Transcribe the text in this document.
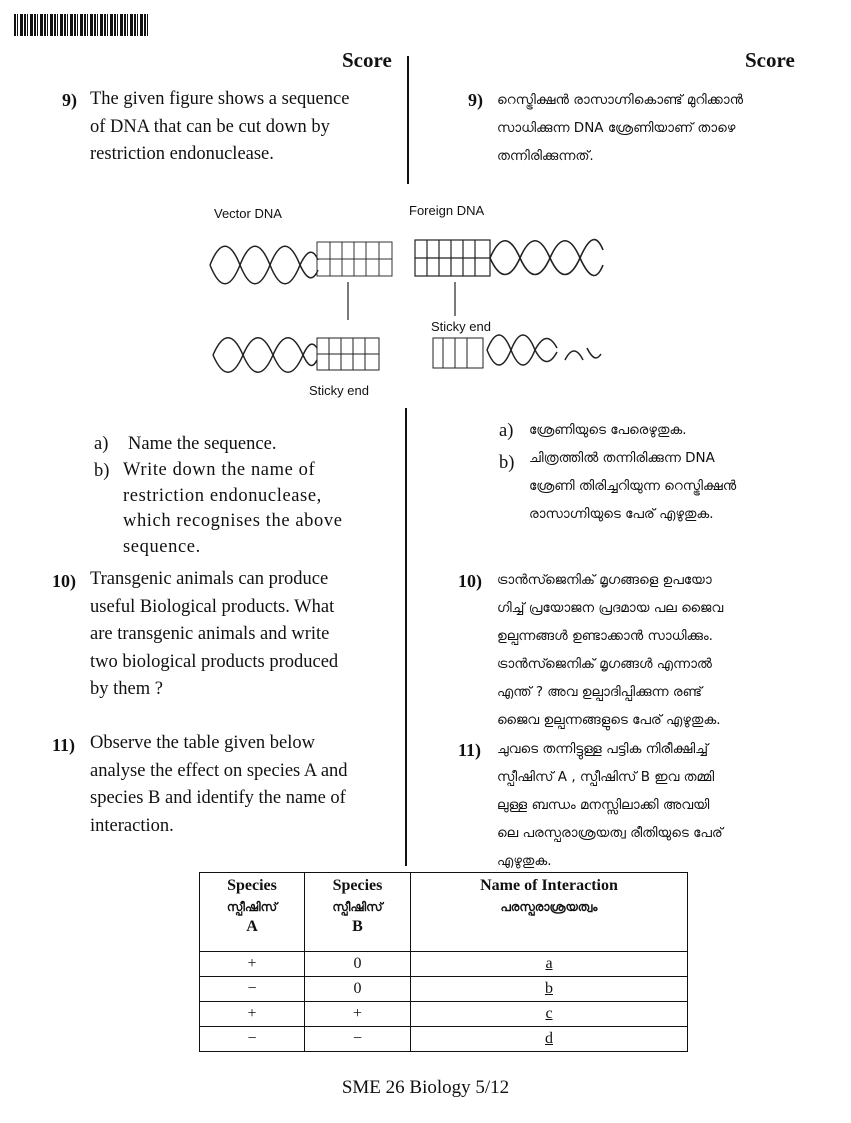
Score	Score
9) The given figure shows a sequence
of DNA that can be cut down by
restriction endonuclease.
9) റെസ്ട്രിക്ഷൻ രാസാഗ്നികൊണ്ട് മുറിക്കാൻ
സാധിക്കുന്ന DNA ശ്രേണിയാണ് താഴെ
തന്നിരിക്കുന്നത്.
Vector DNA	Foreign DNA
Sticky end
Sticky end
a) Name the sequence.
b) Write down the name of
restriction endonuclease,
which recognises the above
sequence.
a) ശ്രേണിയുടെ പേരെഴുതുക.
b) ചിത്രത്തിൽ തന്നിരിക്കുന്ന DNA
ശ്രേണി തിരിച്ചറിയുന്ന റെസ്ട്രിക്ഷൻ
രാസാഗ്നിയുടെ പേര് എഴുതുക.
10) Transgenic animals can produce
useful Biological products. What
are transgenic animals and write
two biological products produced
by them ?
10) ട്രാൻസ്ജെനിക് മൃഗങ്ങളെ ഉപയോ
ഗിച്ച് പ്രയോജന പ്രദമായ പല ജൈവ
ഉല്പന്നങ്ങൾ ഉണ്ടാക്കാൻ സാധിക്കും.
ട്രാൻസ്ജെനിക് മൃഗങ്ങൾ എന്നാൽ
എന്ത് ? അവ ഉല്പാദിപ്പിക്കുന്ന രണ്ട്
ജൈവ ഉല്പന്നങ്ങളുടെ പേര് എഴുതുക.
11) Observe the table given below
analyse the effect on species A and
species B and identify the name of
interaction.
11) ചുവടെ തന്നിട്ടുള്ള പട്ടിക നിരീക്ഷിച്ച്
സ്പീഷിസ് A , സ്പീഷിസ് B ഇവ തമ്മി
ലുള്ള ബന്ധം മനസ്സിലാക്കി അവയി
ലെ പരസ്പരാശ്രയത്വ രീതിയുടെ പേര്
എഴുതുക.
Species
സ്പീഷിസ്
A	Species
സ്പീഷിസ്
B	Name of Interaction
പരസ്പരാശ്രയത്വം

+	0	a
−	0	b
+	+	c
−	−	d
SME 26 Biology 5/12
